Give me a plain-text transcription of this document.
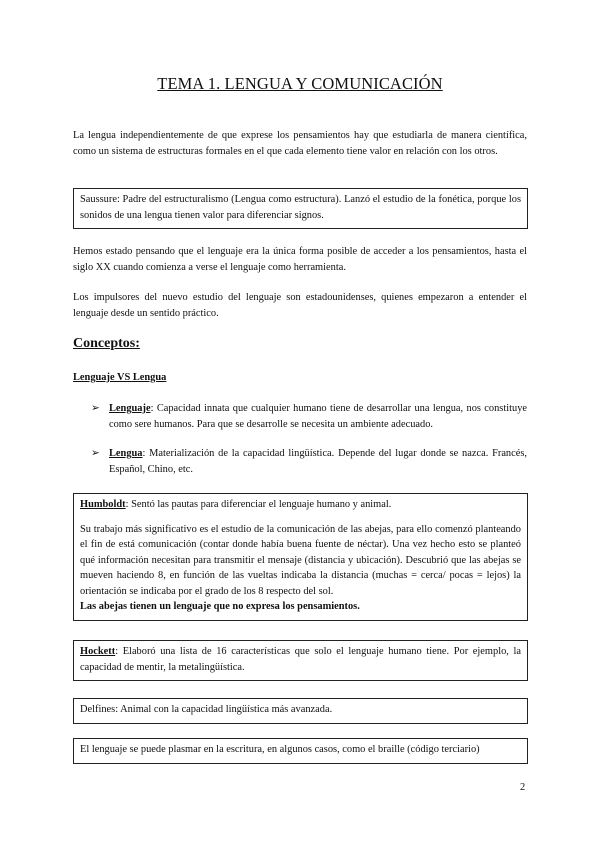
TEMA 1. LENGUA Y COMUNICACIÓN

La lengua independientemente de que exprese los pensamientos hay que estudiarla de manera científica, como un sistema de estructuras formales en el que cada elemento tiene valor en relación con los otros.

Saussure: Padre del estructuralismo (Lengua como estructura). Lanzó el estudio de la fonética, porque los sonidos de una lengua tienen valor para diferenciar signos.

Hemos estado pensando que el lenguaje era la única forma posible de acceder a los pensamientos, hasta el siglo XX cuando comienza a verse el lenguaje como herramienta.

Los impulsores del nuevo estudio del lenguaje son estadounidenses, quienes empezaron a entender el lenguaje desde un sentido práctico.

Conceptos:
Lenguaje VS Lengua
➢ Lenguaje: Capacidad innata que cualquier humano tiene de desarrollar una lengua, nos constituye como sere humanos. Para que se desarrolle se necesita un ambiente adecuado.
➢ Lengua: Materialización de la capacidad lingüística. Depende del lugar donde se nazca. Francés, Español, Chino, etc.

Humboldt: Sentó las pautas para diferenciar el lenguaje humano y animal.

Su trabajo más significativo es el estudio de la comunicación de las abejas, para ello comenzó planteando el fin de está comunicación (contar donde había buena fuente de néctar). Una vez hecho esto se planteó qué información necesitan para transmitir el mensaje (distancia y ubicación). Descubrió que las abejas se mueven haciendo 8, en función de las vueltas indicaba la distancia (muchas = cerca/ pocas = lejos) la orientación se indicaba por el grado de los 8 respecto del sol.

Las abejas tienen un lenguaje que no expresa los pensamientos.

Hockett: Elaboró una lista de 16 características que solo el lenguaje humano tiene. Por ejemplo, la capacidad de mentir, la metalingüística.

Delfines: Animal con la capacidad lingüística más avanzada.

El lenguaje se puede plasmar en la escritura, en algunos casos, como el braille (código terciario)

2
